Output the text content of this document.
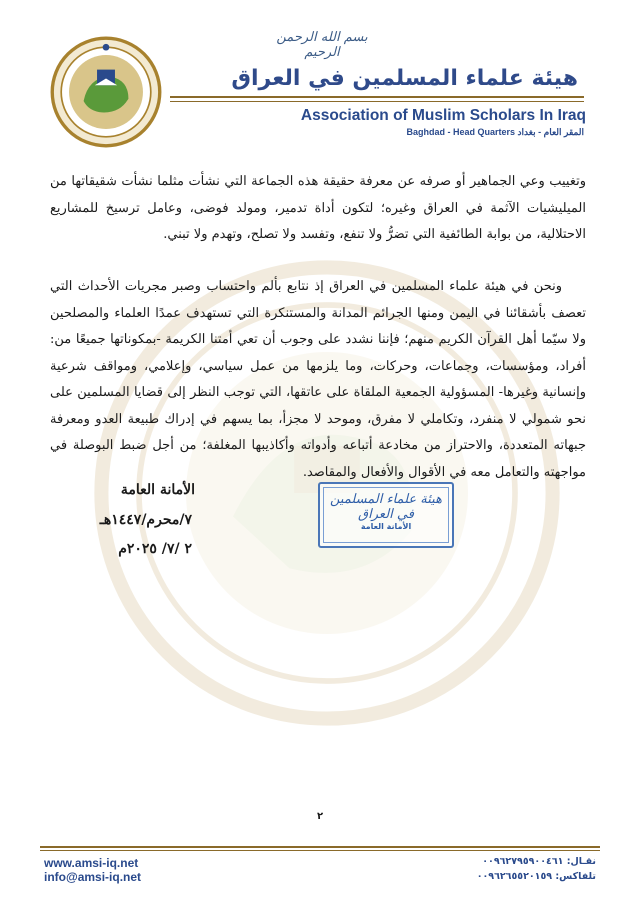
بسم الله الرحمن الرحيم
هيئة علماء المسلمين في العراق
Association of Muslim Scholars In Iraq
Baghdad - Head Quarters المقر العام - بغداد

وتغييب وعي الجماهير أو صرفه عن معرفة حقيقة هذه الجماعة التي نشأت مثلما نشأت شقيقاتها من الميليشيات الآثمة في العراق وغيره؛ لتكون أداة تدمير، ومولد فوضى، وعامل ترسيخ للمشاريع الاحتلالية، من بوابة الطائفية التي تضرُّ ولا تنفع، وتفسد ولا تصلح، وتهدم ولا تبني.

ونحن في هيئة علماء المسلمين في العراق إذ نتابع بألم واحتساب وصبر مجريات الأحداث التي تعصف بأشقائنا في اليمن ومنها الجرائم المدانة والمستنكرة التي تستهدف عمدًا العلماء والمصلحين ولا سيّما أهل القرآن الكريم منهم؛ فإننا نشدد على وجوب أن تعي أمتنا الكريمة -بمكوناتها جميعًا من: أفراد، ومؤسسات، وجماعات، وحركات، وما يلزمها من عمل سياسي، وإعلامي، ومواقف شرعية وإنسانية وغيرها- المسؤولية الجمعية الملقاة على عاتقها، التي توجب النظر إلى قضايا المسلمين على نحو شمولي لا منفرد، وتكاملي لا مفرق، وموحد لا مجزأ، بما يسهم في إدراك طبيعة العدو ومعرفة جبهاته المتعددة، والاحتراز من مخادعة أتباعه وأدواته وأكاذيبها المغلفة؛ من أجل ضبط البوصلة في مواجهته والتعامل معه في الأقوال والأفعال والمقاصد.

الأمانة العامة
٧/محرم/١٤٤٧هـ
٢ /٧/ ٢٠٢٥م
هيئة علماء المسلمين في العراق
الأمانة العامة
٢
www.amsi-iq.net
info@amsi-iq.net
نقـال: ٠٠٩٦٢٧٩٥٩٠٠٤٦١
تلفاكس: ٠٠٩٦٢٦٥٥٢٠١٥٩
